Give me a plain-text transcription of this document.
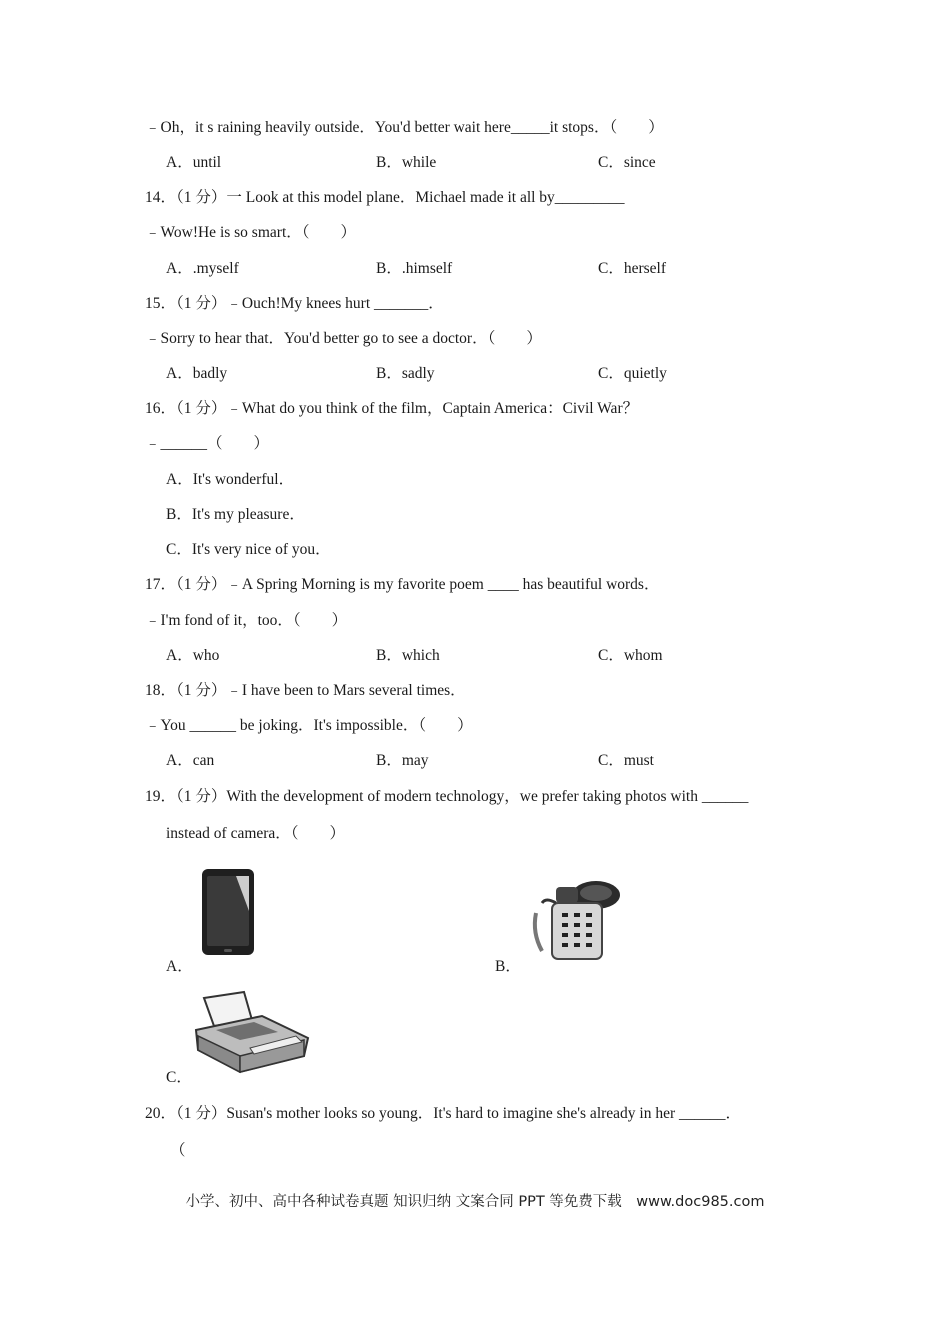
﹣Oh，it s raining heavily outside．You'd better wait here_____it stops．（　　）
A．until	B．while	C．since
14．（1 分）一 Look at this model plane．Michael made it all by_________
﹣Wow!He is so smart．（　　）
A．.myself	B．.himself	C．herself
15．（1 分）﹣Ouch!My knees hurt _______．
﹣Sorry to hear that．You'd better go to see a doctor．（　　）
A．badly	B．sadly	C．quietly
16．（1 分）﹣What do you think of the film，Captain America：Civil War？
﹣______（　　）
A．It's wonderful．
B．It's my pleasure．
C．It's very nice of you．
17．（1 分）﹣A Spring Morning is my favorite poem ____ has beautiful words．
﹣I'm fond of it，too．（　　）
A．who	B．which	C．whom
18．（1 分）﹣I have been to Mars several times．
﹣You ______ be joking．It's impossible．（　　）
A．can	B．may	C．must
19．（1 分）With the development of modern technology，we prefer taking photos with ______
instead of camera．（　　）
A．	B．
C．
20．（1 分）Susan's mother looks so young．It's hard to imagine she's already in her ______．
（
小学、初中、高中各种试卷真题 知识归纳 文案合同 PPT 等免费下载　www.doc985.com
